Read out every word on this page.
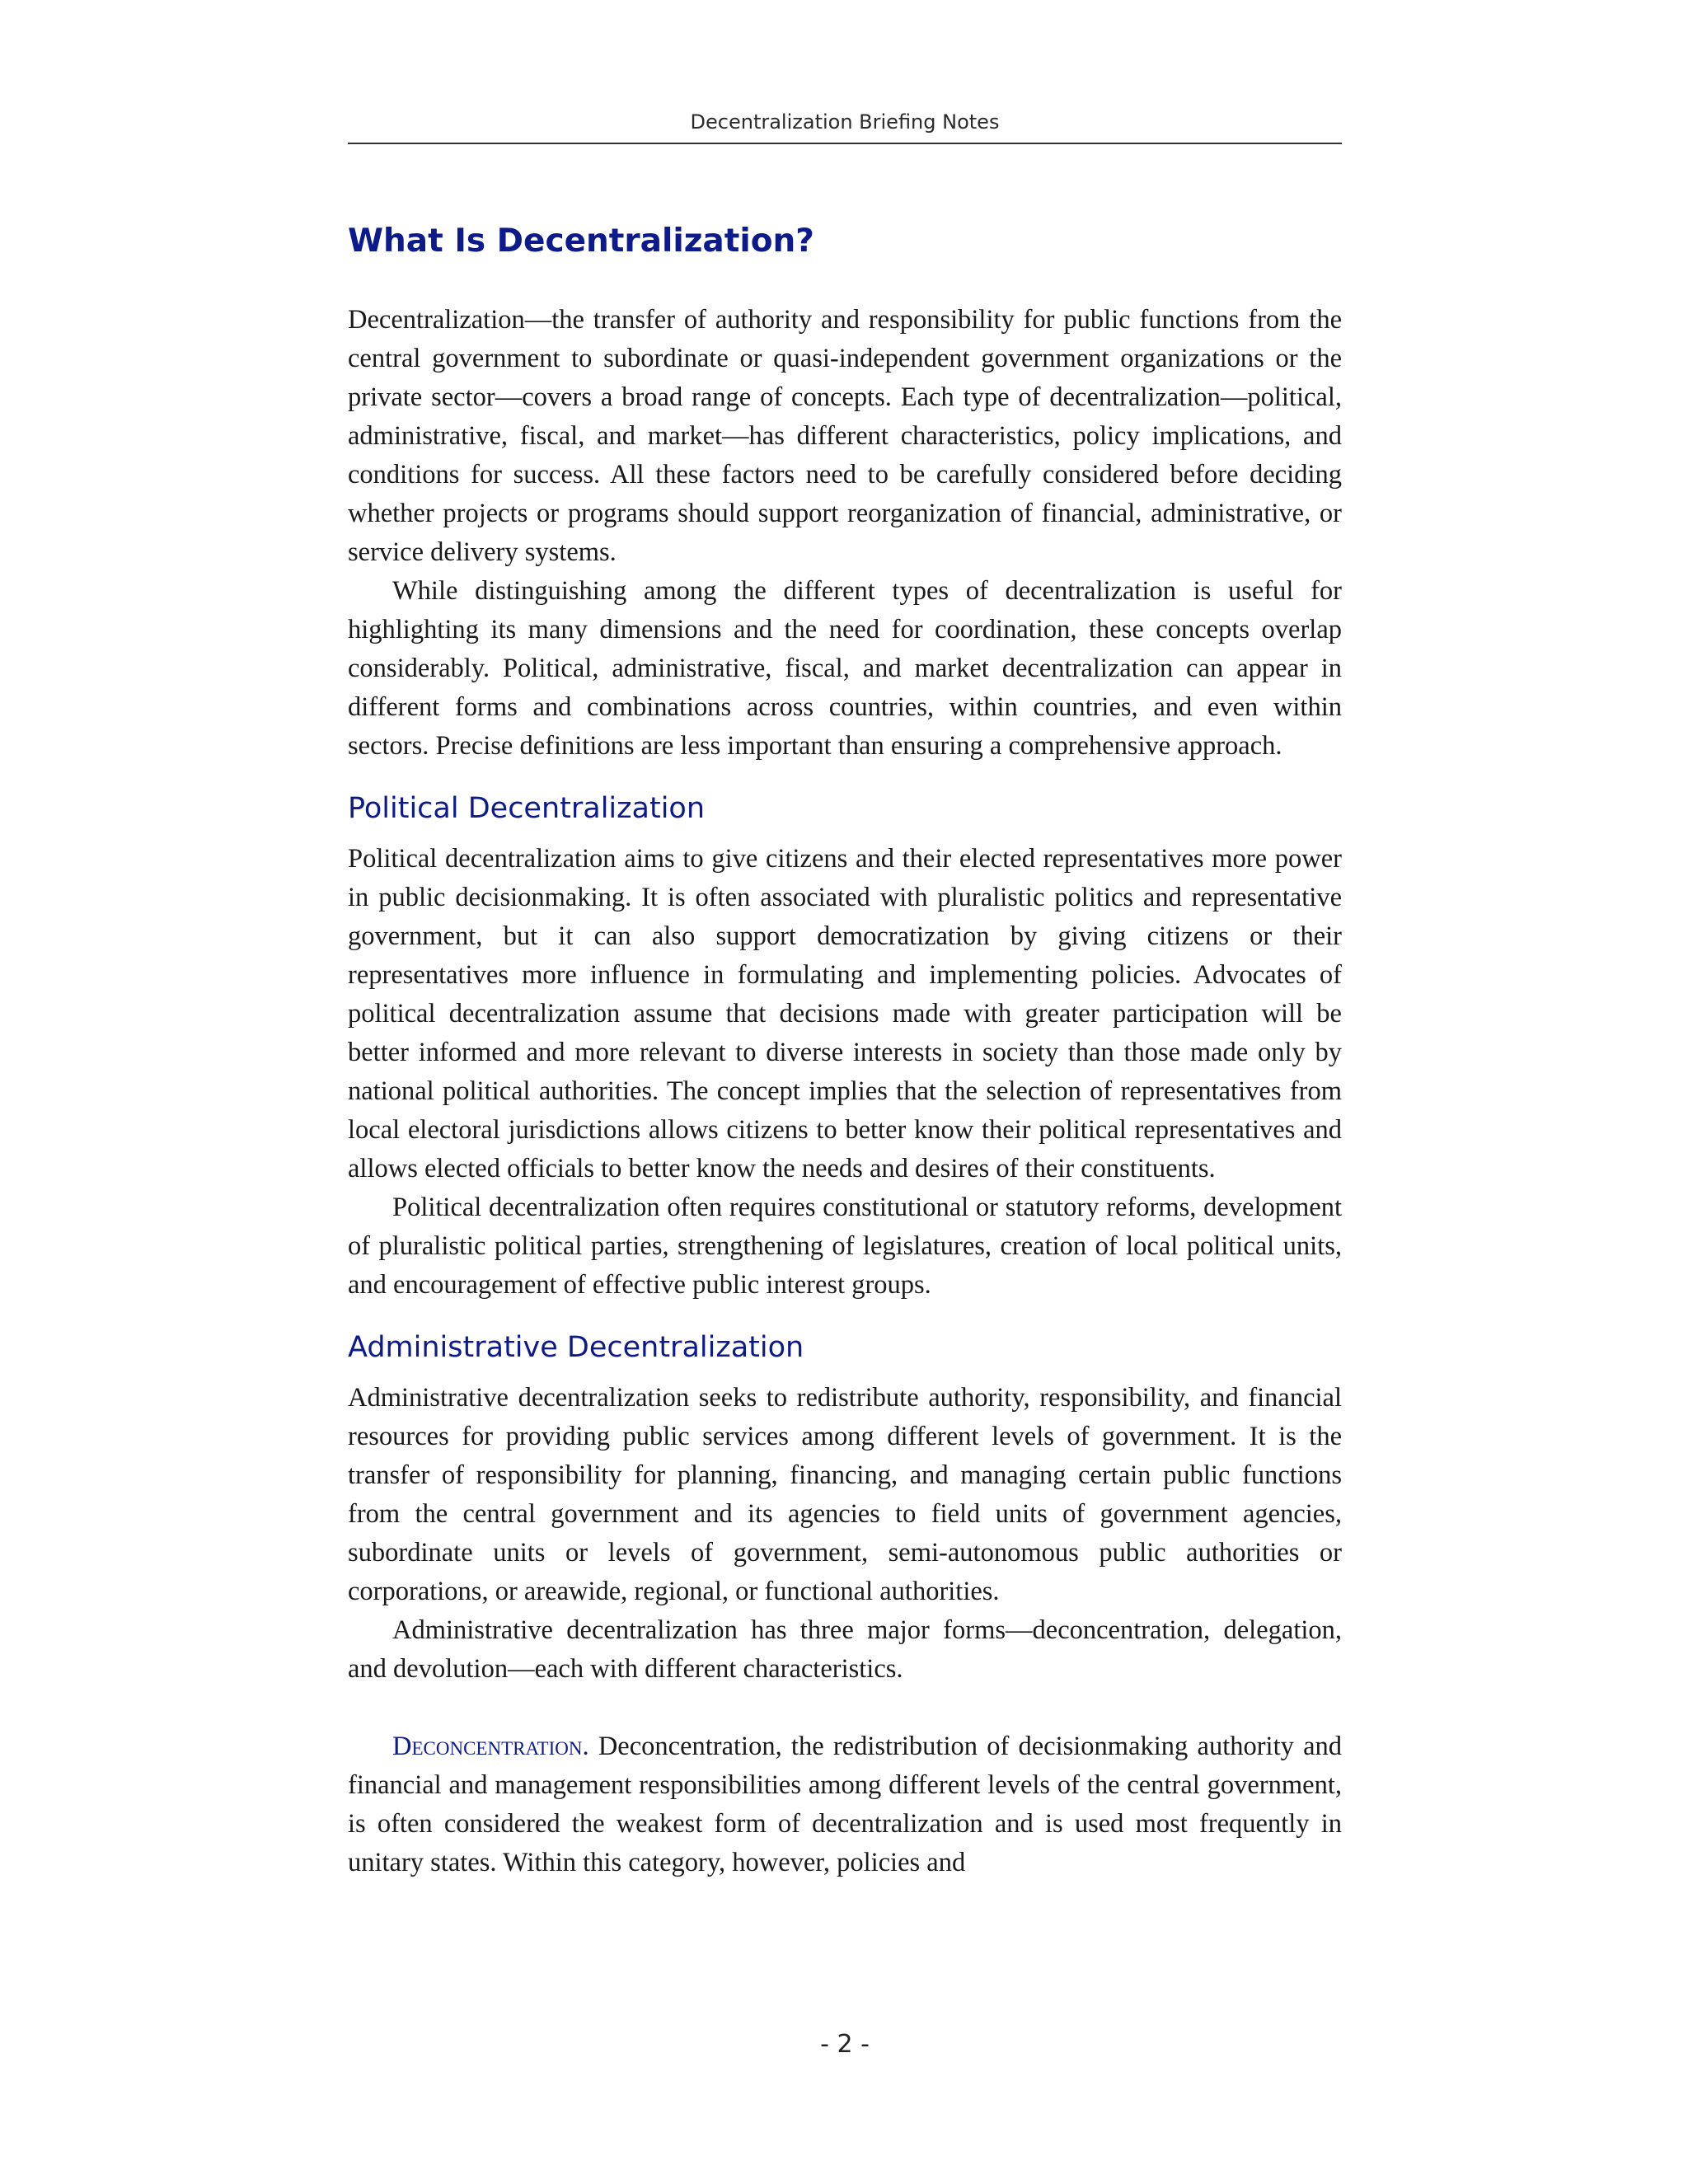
Decentralization Briefing Notes
What Is Decentralization?

Decentralization—the transfer of authority and responsibility for public functions from the central government to subordinate or quasi-independent government organizations or the private sector—covers a broad range of concepts. Each type of decentralization—political, administrative, fiscal, and market—has different characteristics, policy implications, and conditions for success. All these factors need to be carefully considered before deciding whether projects or programs should support reorganization of financial, administrative, or service delivery systems.

While distinguishing among the different types of decentralization is useful for highlighting its many dimensions and the need for coordination, these concepts overlap considerably. Political, administrative, fiscal, and market decentralization can appear in different forms and combinations across countries, within countries, and even within sectors. Precise definitions are less important than ensuring a comprehensive approach.

Political Decentralization

Political decentralization aims to give citizens and their elected representatives more power in public decisionmaking. It is often associated with pluralistic politics and representative government, but it can also support democratization by giving citizens or their representatives more influence in formulating and implementing policies. Advocates of political decentralization assume that decisions made with greater participation will be better informed and more relevant to diverse interests in society than those made only by national political authorities. The concept implies that the selection of representatives from local electoral jurisdictions allows citizens to better know their political representatives and allows elected officials to better know the needs and desires of their constituents.

Political decentralization often requires constitutional or statutory reforms, development of pluralistic political parties, strengthening of legislatures, creation of local political units, and encouragement of effective public interest groups.

Administrative Decentralization

Administrative decentralization seeks to redistribute authority, responsibility, and financial resources for providing public services among different levels of government. It is the transfer of responsibility for planning, financing, and managing certain public functions from the central government and its agencies to field units of government agencies, subordinate units or levels of government, semi-autonomous public authorities or corporations, or areawide, regional, or functional authorities.

Administrative decentralization has three major forms—deconcentration, delegation, and devolution—each with different characteristics.

Deconcentration. Deconcentration, the redistribution of decisionmaking authority and financial and management responsibilities among different levels of the central government, is often considered the weakest form of decentralization and is used most frequently in unitary states. Within this category, however, policies and

- 2 -
